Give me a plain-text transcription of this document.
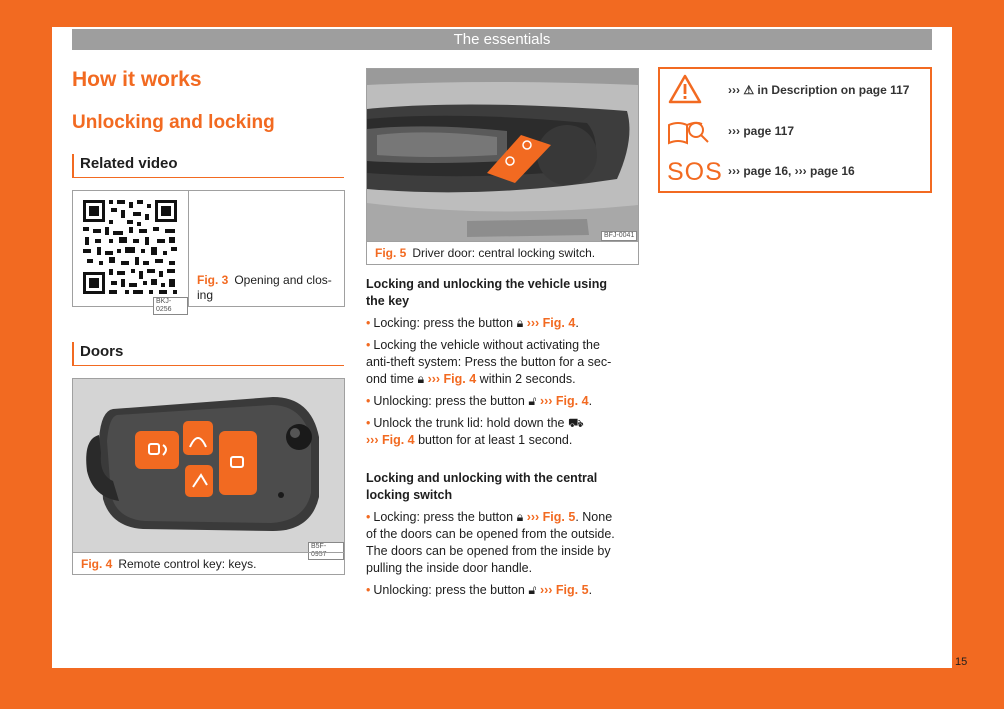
The essentials
How it works
Unlocking and locking
Related video
BKJ-0256
Fig. 3 Opening and clos-
ing
Doors
B5F-0957
Fig. 4 Remote control key: keys.
BFJ-0041
Fig. 5 Driver door: central locking switch.
Locking and unlocking the vehicle using
the key
• Locking: press the button 🔒︎ ››› Fig. 4.
• Locking the vehicle without activating the
anti-theft system: Press the button for a sec-
ond time 🔒︎ ››› Fig. 4 within 2 seconds.
• Unlocking: press the button 🔓︎ ››› Fig. 4.
• Unlock the trunk lid: hold down the ⛟︎
››› Fig. 4 button for at least 1 second.
Locking and unlocking with the central
locking switch
• Locking: press the button 🔒︎ ››› Fig. 5. None
of the doors can be opened from the outside.
The doors can be opened from the inside by
pulling the inside door handle.
• Unlocking: press the button 🔓︎ ››› Fig. 5.
››› ⚠ in Description on page 117
››› page 117
SOS ››› page 16, ››› page 16
15
